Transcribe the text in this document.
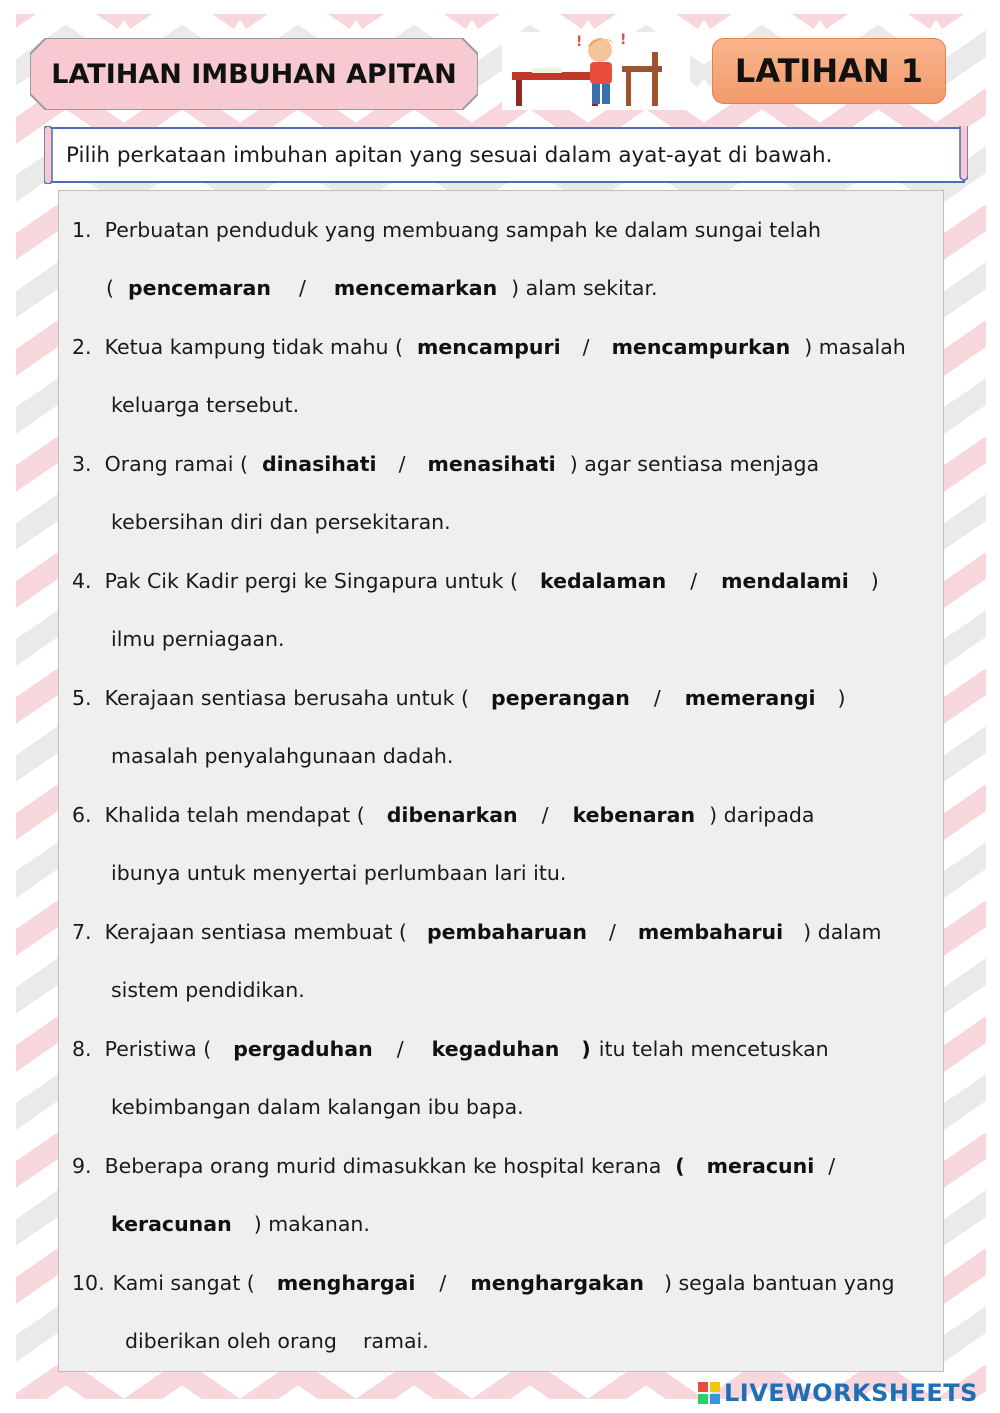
LATIHAN IMBUHAN APITAN
!	!
LATIHAN 1
Pilih perkataan imbuhan apitan yang sesuai dalam ayat-ayat di bawah.
1. Perbuatan penduduk yang membuang sampah ke dalam sungai telah
( pencemaran / mencemarkan ) alam sekitar.
2. Ketua kampung tidak mahu ( mencampuri / mencampurkan ) masalah
keluarga tersebut.
3. Orang ramai ( dinasihati / menasihati ) agar sentiasa menjaga
kebersihan diri dan persekitaran.
4. Pak Cik Kadir pergi ke Singapura untuk ( kedalaman / mendalami )
ilmu perniagaan.
5. Kerajaan sentiasa berusaha untuk ( peperangan / memerangi )
masalah penyalahgunaan dadah.
6. Khalida telah mendapat ( dibenarkan / kebenaran ) daripada
ibunya untuk menyertai perlumbaan lari itu.
7. Kerajaan sentiasa membuat ( pembaharuan / membaharui ) dalam
sistem pendidikan.
8. Peristiwa ( pergaduhan / kegaduhan ) itu telah mencetuskan
kebimbangan dalam kalangan ibu bapa.
9. Beberapa orang murid dimasukkan ke hospital kerana ( meracuni /
keracunan ) makanan.
10. Kami sangat ( menghargai / menghargakan ) segala bantuan yang
diberikan oleh orang    ramai.
LIVEWORKSHEETS
